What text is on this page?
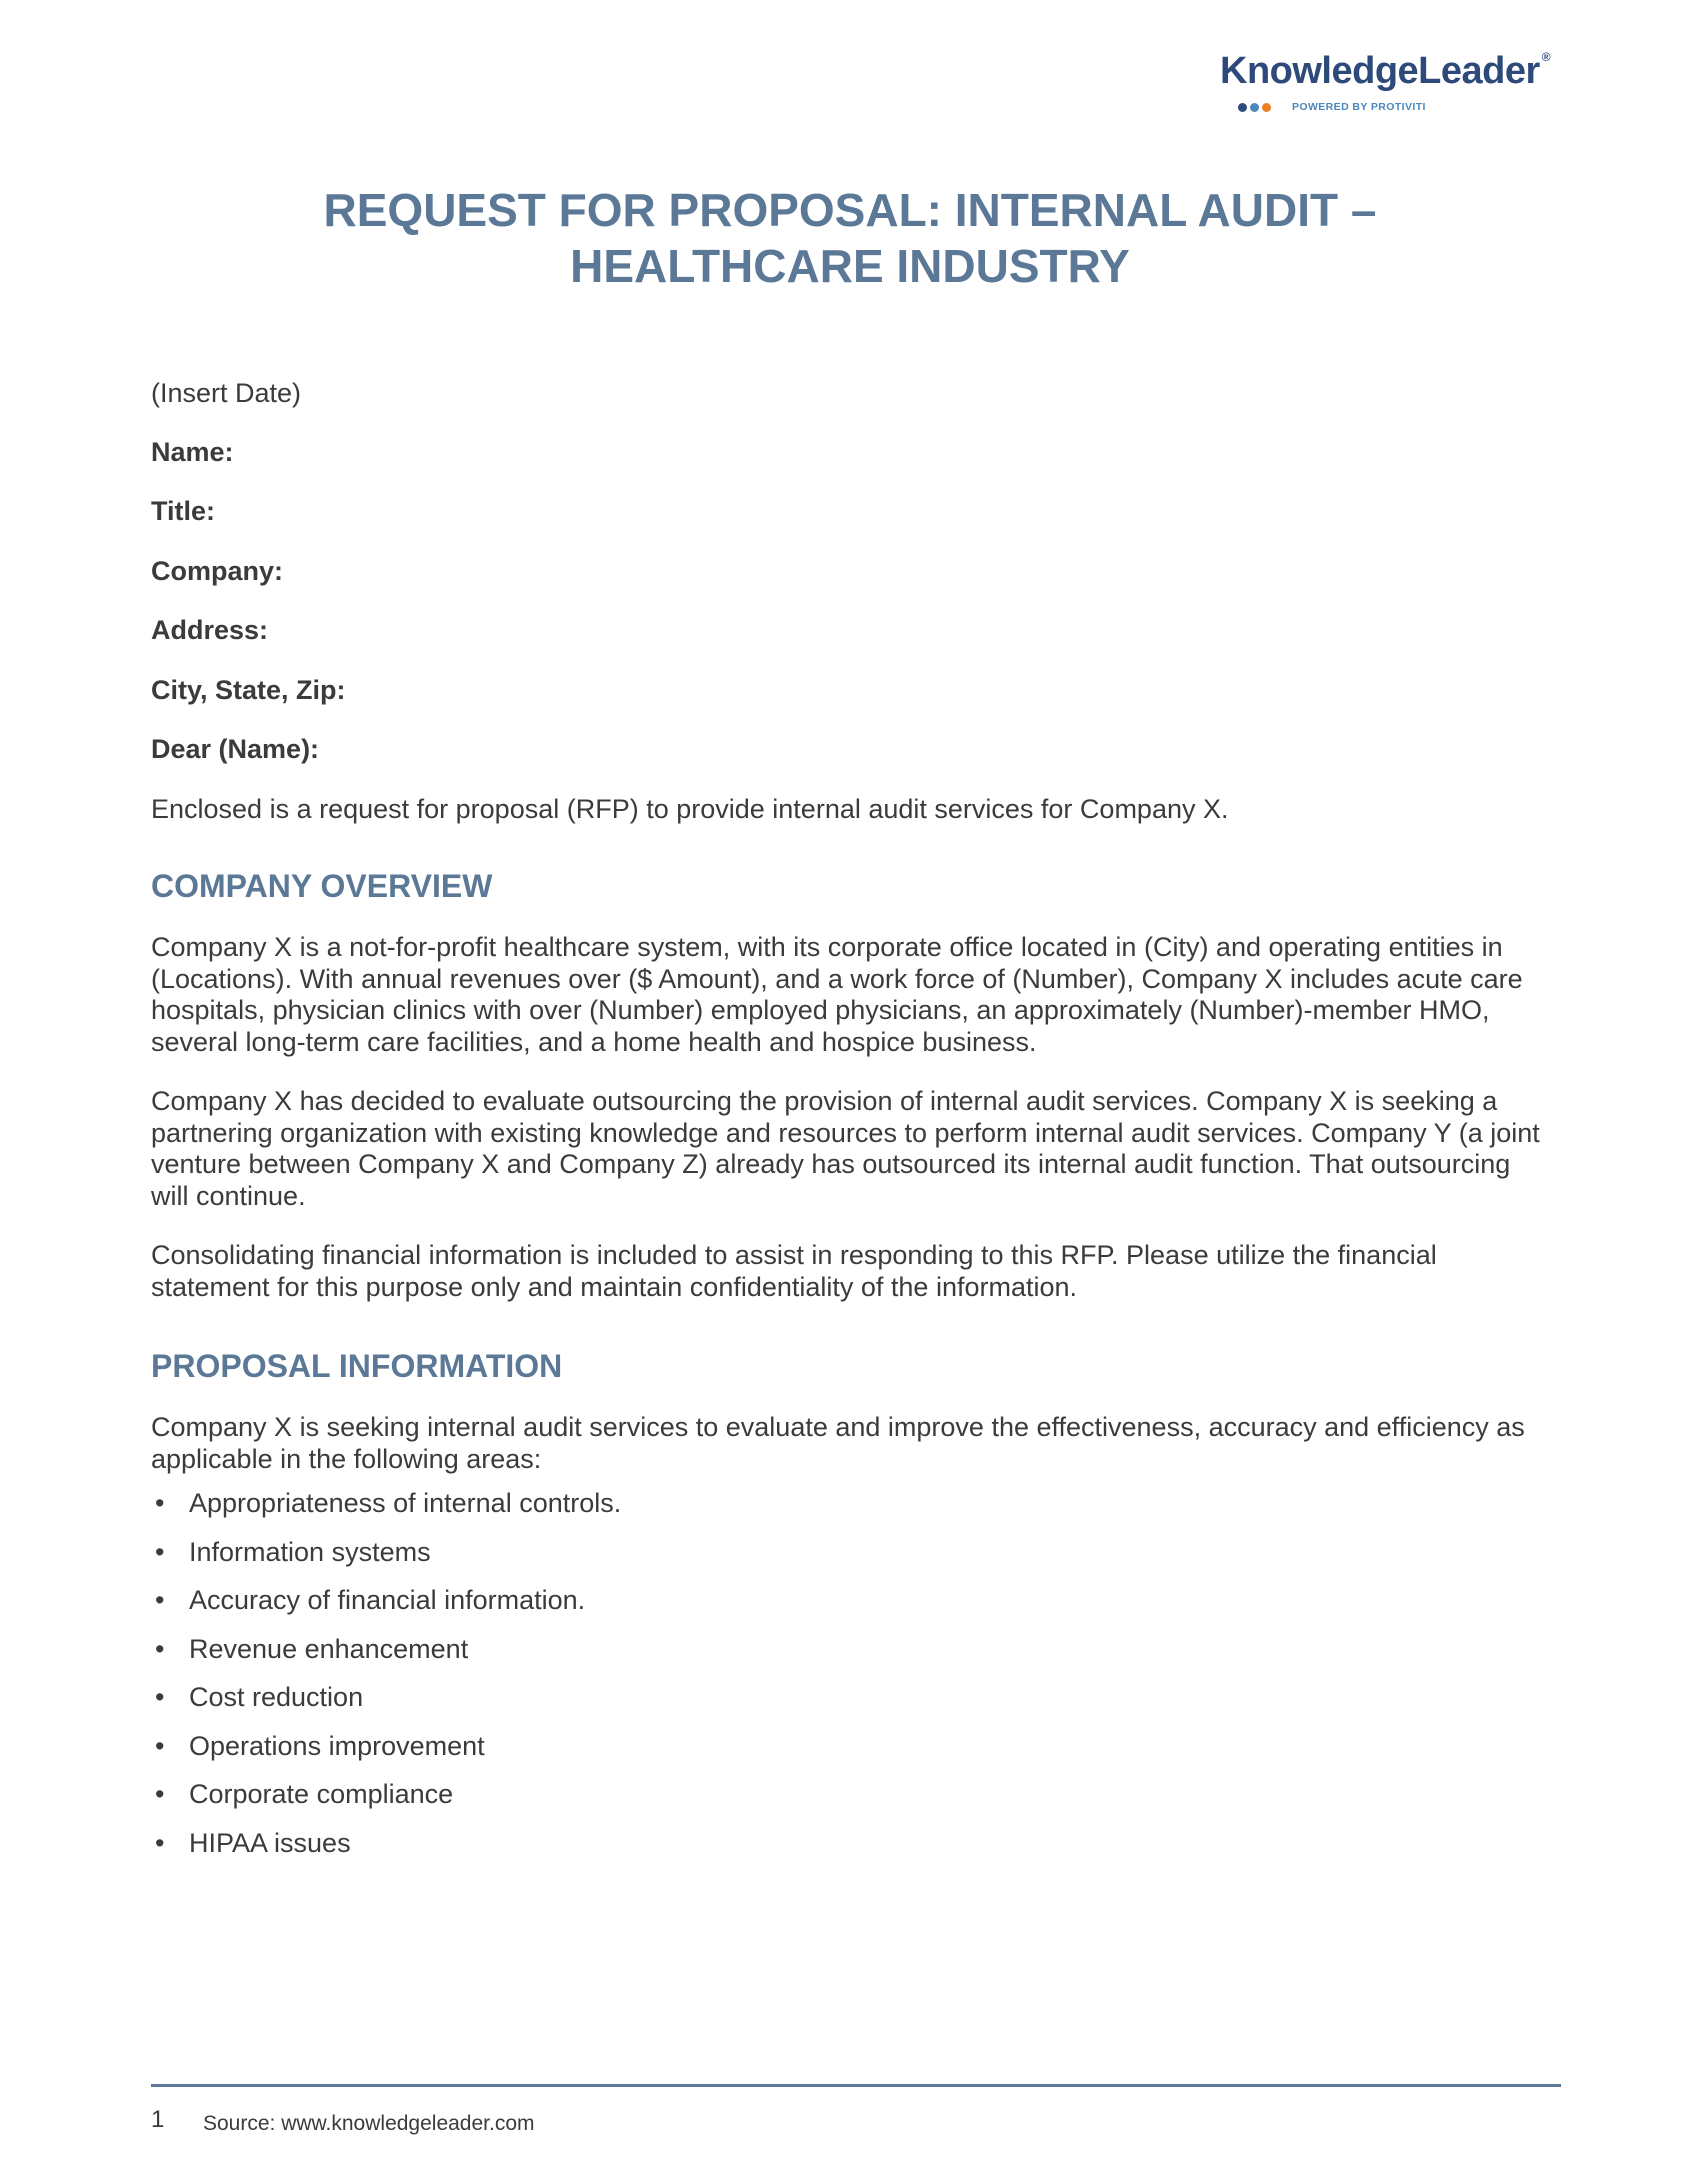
KnowledgeLeader ®
POWERED BY PROTIVITI
REQUEST FOR PROPOSAL: INTERNAL AUDIT –
HEALTHCARE INDUSTRY
(Insert Date)
Name:
Title:
Company:
Address:
City, State, Zip:
Dear (Name):
Enclosed is a request for proposal (RFP) to provide internal audit services for Company X.
COMPANY OVERVIEW
Company X is a not-for-profit healthcare system, with its corporate office located in (City) and operating entities in (Locations). With annual revenues over ($ Amount), and a work force of (Number), Company X includes acute care hospitals, physician clinics with over (Number) employed physicians, an approximately (Number)-member HMO, several long-term care facilities, and a home health and hospice business.
Company X has decided to evaluate outsourcing the provision of internal audit services. Company X is seeking a partnering organization with existing knowledge and resources to perform internal audit services. Company Y (a joint venture between Company X and Company Z) already has outsourced its internal audit function. That outsourcing will continue.
Consolidating financial information is included to assist in responding to this RFP. Please utilize the financial statement for this purpose only and maintain confidentiality of the information.
PROPOSAL INFORMATION
Company X is seeking internal audit services to evaluate and improve the effectiveness, accuracy and efficiency as applicable in the following areas:
• Appropriateness of internal controls.
• Information systems
• Accuracy of financial information.
• Revenue enhancement
• Cost reduction
• Operations improvement
• Corporate compliance
• HIPAA issues
1 Source: www.knowledgeleader.com
